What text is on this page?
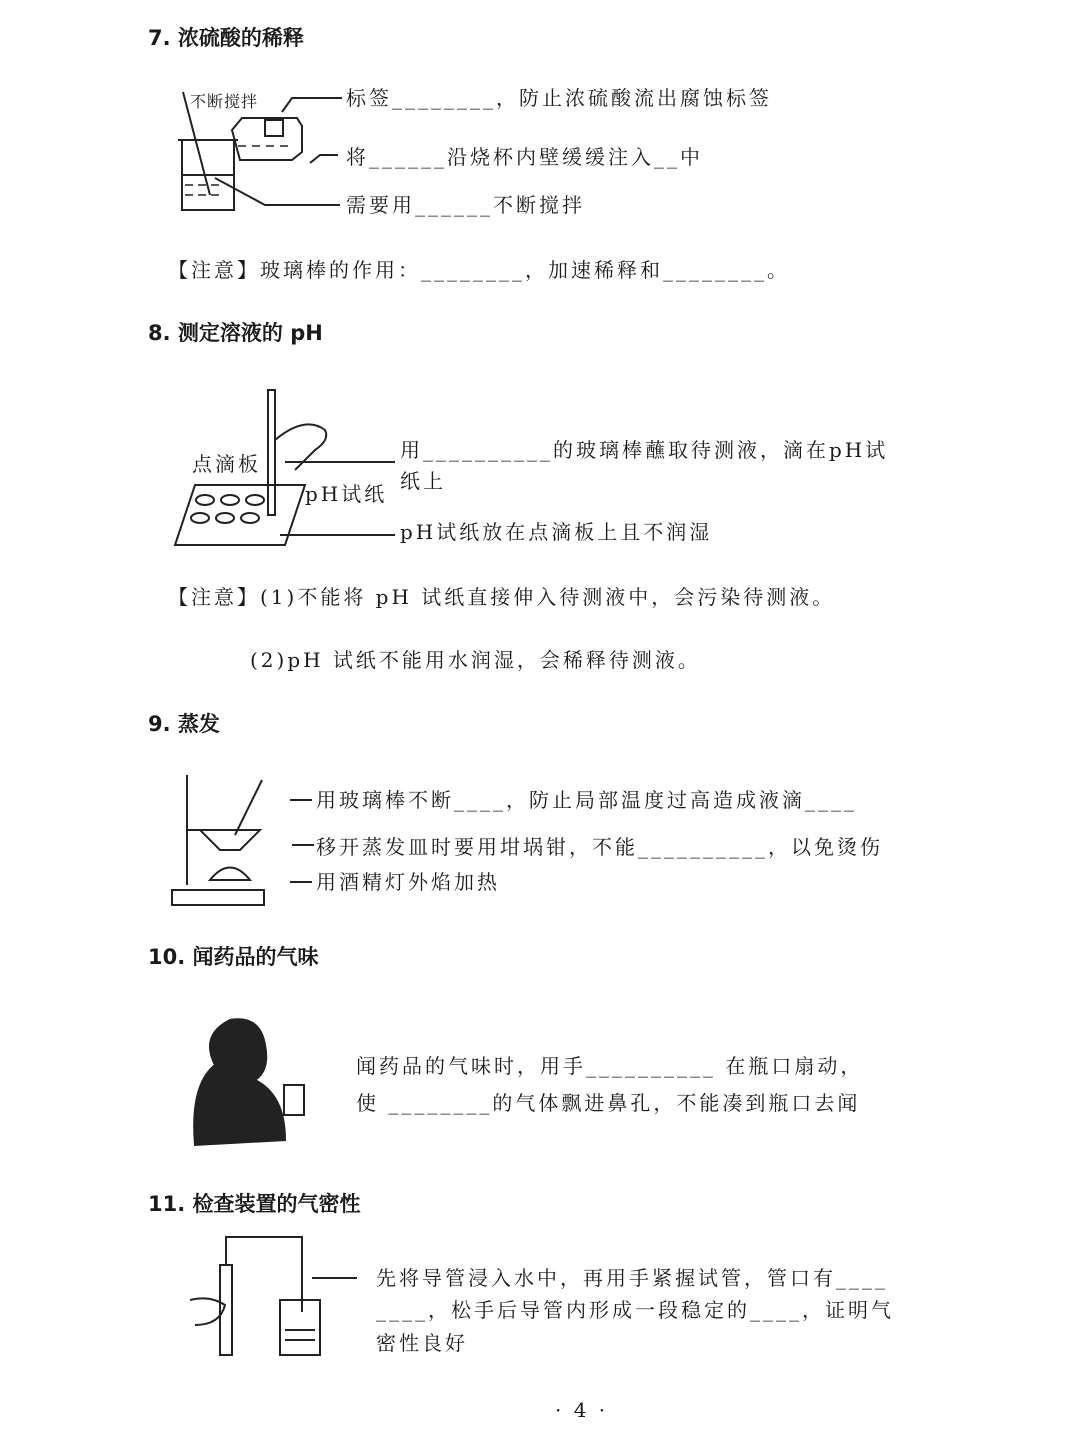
7. 浓硫酸的稀释
不断搅拌	标签________，防止浓硫酸流出腐蚀标签
将______沿烧杯内壁缓缓注入__中
需要用______不断搅拌
【注意】玻璃棒的作用：________，加速稀释和________。
8. 测定溶液的 pH
点滴板
pH试纸
用__________的玻璃棒蘸取待测液，滴在pH试
纸上
pH试纸放在点滴板上且不润湿
【注意】(1)不能将 pH 试纸直接伸入待测液中，会污染待测液。
(2)pH 试纸不能用水润湿，会稀释待测液。
9. 蒸发
用玻璃棒不断____，防止局部温度过高造成液滴____
移开蒸发皿时要用坩埚钳，不能__________，以免烫伤
用酒精灯外焰加热
10. 闻药品的气味
闻药品的气味时，用手__________ 在瓶口扇动，
使 ________的气体飘进鼻孔，不能凑到瓶口去闻
11. 检查装置的气密性
先将导管浸入水中，再用手紧握试管，管口有____
____，松手后导管内形成一段稳定的____，证明气
密性良好
· 4 ·
